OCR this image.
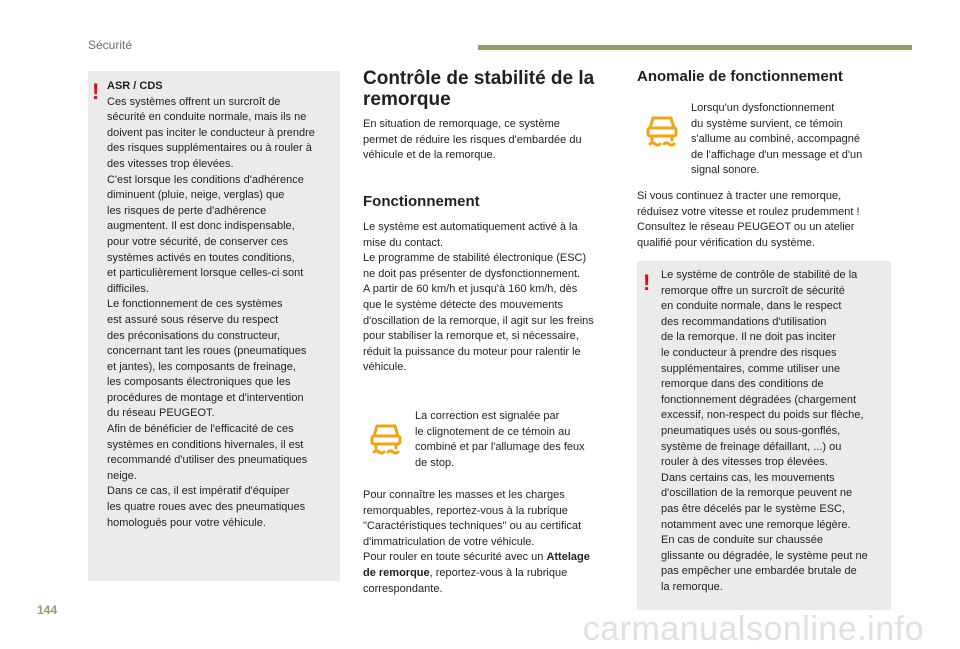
Sécurité
! ASR / CDS
Ces systèmes offrent un surcroît de
sécurité en conduite normale, mais ils ne
doivent pas inciter le conducteur à prendre
des risques supplémentaires ou à rouler à
des vitesses trop élevées.
C'est lorsque les conditions d'adhérence
diminuent (pluie, neige, verglas) que
les risques de perte d'adhérence
augmentent. Il est donc indispensable,
pour votre sécurité, de conserver ces
systèmes activés en toutes conditions,
et particulièrement lorsque celles-ci sont
difficiles.
Le fonctionnement de ces systèmes
est assuré sous réserve du respect
des préconisations du constructeur,
concernant tant les roues (pneumatiques
et jantes), les composants de freinage,
les composants électroniques que les
procédures de montage et d'intervention
du réseau PEUGEOT.
Afin de bénéficier de l'efficacité de ces
systèmes en conditions hivernales, il est
recommandé d'utiliser des pneumatiques
neige.
Dans ce cas, il est impératif d'équiper
les quatre roues avec des pneumatiques
homologués pour votre véhicule.
Contrôle de stabilité de la
remorque
En situation de remorquage, ce système
permet de réduire les risques d'embardée du
véhicule et de la remorque.
Fonctionnement
Le système est automatiquement activé à la
mise du contact.
Le programme de stabilité électronique (ESC)
ne doit pas présenter de dysfonctionnement.
A partir de 60 km/h et jusqu'à 160 km/h, dès
que le système détecte des mouvements
d'oscillation de la remorque, il agit sur les freins
pour stabiliser la remorque et, si nécessaire,
réduit la puissance du moteur pour ralentir le
véhicule.
La correction est signalée par
le clignotement de ce témoin au
combiné et par l'allumage des feux
de stop.
Pour connaître les masses et les charges
remorquables, reportez-vous à la rubrique
"Caractéristiques techniques" ou au certificat
d'immatriculation de votre véhicule.
Pour rouler en toute sécurité avec un Attelage
de remorque, reportez-vous à la rubrique
correspondante.
Anomalie de fonctionnement
Lorsqu'un dysfonctionnement
du système survient, ce témoin
s'allume au combiné, accompagné
de l'affichage d'un message et d'un
signal sonore.
Si vous continuez à tracter une remorque,
réduisez votre vitesse et roulez prudemment !
Consultez le réseau PEUGEOT ou un atelier
qualifié pour vérification du système.
! Le système de contrôle de stabilité de la
remorque offre un surcroît de sécurité
en conduite normale, dans le respect
des recommandations d'utilisation
de la remorque. Il ne doit pas inciter
le conducteur à prendre des risques
supplémentaires, comme utiliser une
remorque dans des conditions de
fonctionnement dégradées (chargement
excessif, non-respect du poids sur flèche,
pneumatiques usés ou sous-gonflés,
système de freinage défaillant, ...) ou
rouler à des vitesses trop élevées.
Dans certains cas, les mouvements
d'oscillation de la remorque peuvent ne
pas être décelés par le système ESC,
notamment avec une remorque légère.
En cas de conduite sur chaussée
glissante ou dégradée, le système peut ne
pas empêcher une embardée brutale de
la remorque.
144	carmanualsonline.info
